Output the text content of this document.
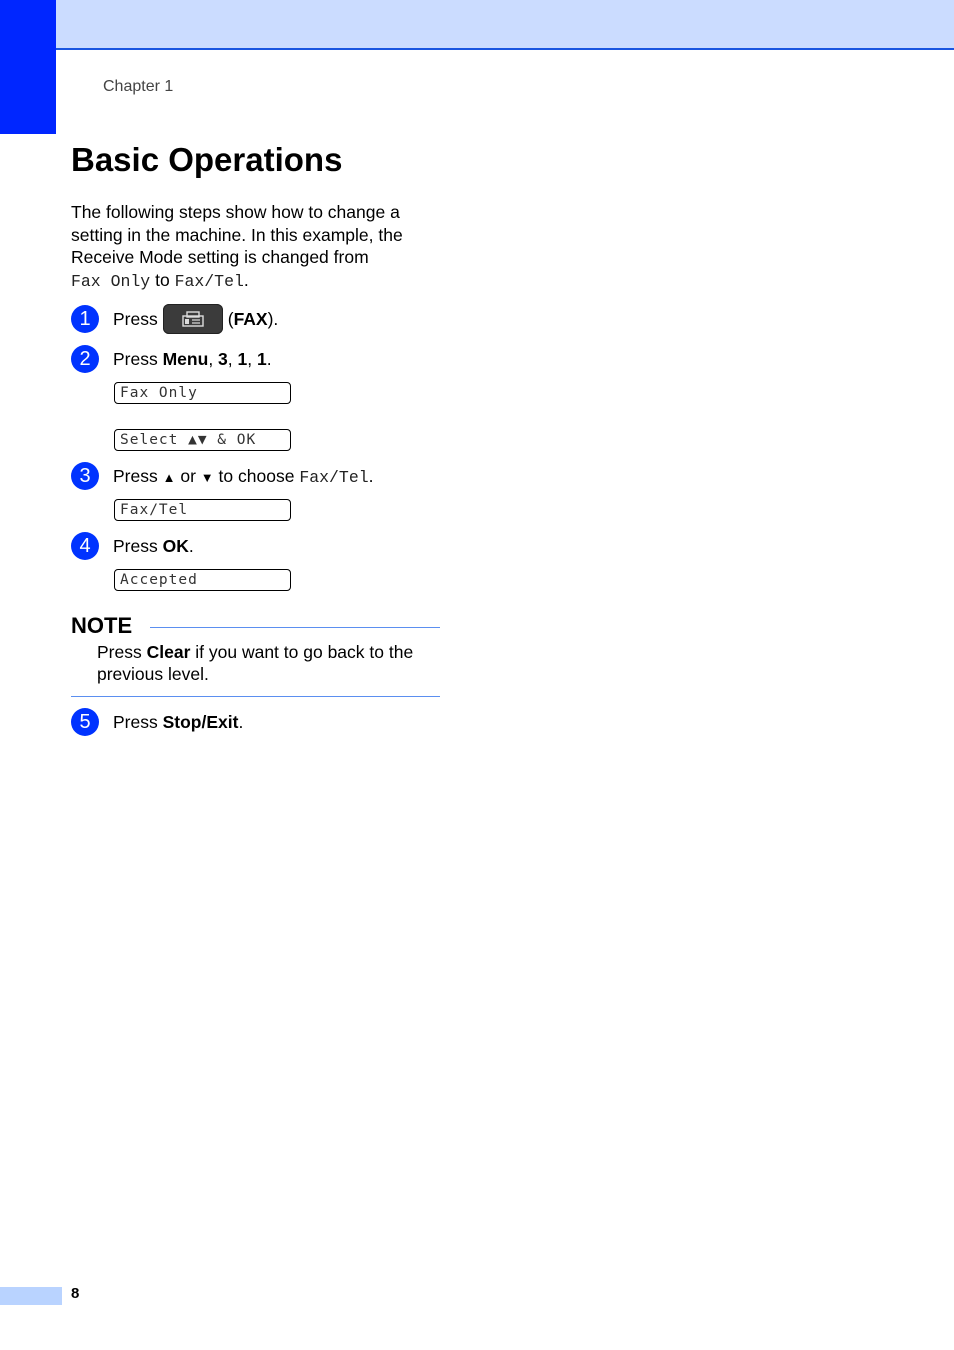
Chapter 1
Basic Operations
The following steps show how to change a setting in the machine. In this example, the Receive Mode setting is changed from
Fax Only to Fax/Tel.
1	Press	(FAX).
2	Press Menu, 3, 1, 1.
Fax Only
Select ▲▼ & OK
3	Press ▲ or ▼ to choose Fax/Tel.
Fax/Tel
4	Press OK.
Accepted
NOTE
Press Clear if you want to go back to the previous level.
5	Press Stop/Exit.
8
